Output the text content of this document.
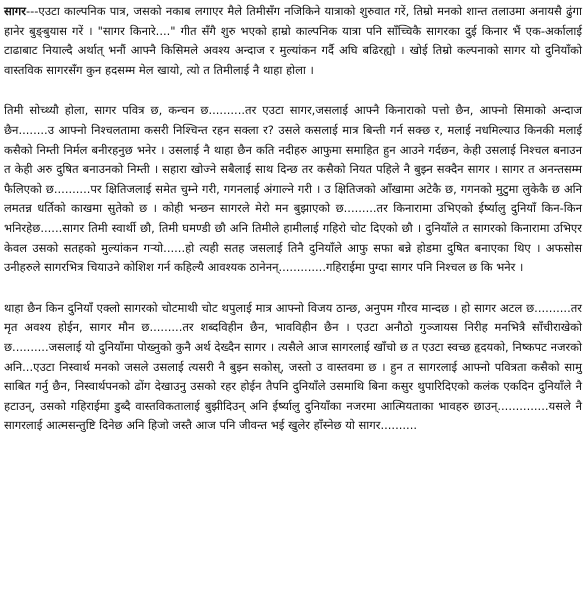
सागर---एउटा काल्पनिक पात्र, जसको नकाब लगाएर मैले तिमीसँग नजिकिने यात्राको शुरुवात गरें, तिम्रो मनको शान्त तलाउमा अनायसै ढुंगा हानेर बुङ्बुयास गरें । "सागर किनारे...." गीत सँगै शुरु भएको हाम्रो काल्पनिक यात्रा पनि साँच्चिकै सागरका दुई किनार भैं एक-अर्कालाई टाढाबाट नियाल्दै अर्थात् भनौं आफ्नै किसिमले अवश्य अन्दाज र मुल्यांकन गर्दै अघि बढिरह्यो । खोई तिम्रो कल्पनाको सागर यो दुनियाँको वास्तविक सागरसँग कुन हदसम्म मेल खायो, त्यो त तिमीलाई नै थाहा होला ।

तिमी सोच्थ्यौ होला, सागर पवित्र छ, कन्चन छ..........तर एउटा सागर,जसलाई आफ्नै किनाराको पत्तो छैन, आफ्नो सिमाको अन्दाज छैन........उ आफ्नो निश्चलतामा कसरी निश्चिन्त रहन सक्ला र? उसले कसलाई मात्र बिन्ती गर्न सक्छ र, मलाई नधमिल्याउ किनकी मलाई कसैको निम्ती निर्मल बनीरहनुछ भनेर । उसलाई नै थाहा छैन कति नदीहरु आफुमा समाहित हुन आउने गर्दछन, केही उसलाई निश्चल बनाउन त केही अरु दुषित बनाउनको निम्ती । सहारा खोज्ने सबैलाई साथ दिन्छ तर कसैको नियत पहिले नै बुझ्न सक्दैन सागर । सागर त अनन्तसम्म फैलिएको छ..........पर क्षितिजलाई समेत चुम्ने गरी, गगनलाई अंगाल्ने गरी । उ क्षितिजको आँखामा अटेकै छ, गगनको मुटुमा लुकेकै छ अनि लमतन्न धर्तिको काखमा सुतेको छ । कोही भन्छन सागरले मेरो मन बुझाएको छ.........तर किनारामा उभिएको ईर्ष्यालु दुनियाँ किन-किन भनिरहेछ......सागर तिमी स्वार्थी छौ, तिमी घमण्डी छौ अनि तिमीले हामीलाई गहिरो चोट दिएको छौ । दुनियाँले त सागरको किनारामा उभिएर केवल उसको सतहको मुल्यांकन गऱ्यो......हो त्यही सतह जसलाई तिनै दुनियाँले आफु सफा बन्ने होडमा दुषित बनाएका थिए । अफसोस उनीहरुले सागरभित्र चियाउने कोशिश गर्न कहिल्यै आवश्यक ठानेनन्.............गहिराईमा पुग्दा सागर पनि निश्चल छ कि भनेर ।

थाहा छैन किन दुनियाँ एक्लो सागरको चोटमाथी चोट थपुलाई मात्र आफ्नो विजय ठान्छ, अनुपम गौरव मान्दछ । हो सागर अटल छ..........तर मृत अवश्य होईन, सागर मौन छ.........तर शब्दविहीन छैन, भावविहीन छैन । एउटा अनौठो गुञ्जायस निरीह मनभित्रै साँचीराखेको छ..........जसलाई यो दुनियाँमा पोख्नुको कुनै अर्थ देख्दैन सागर । त्यसैले आज सागरलाई खाँचो छ त एउटा स्वच्छ हृदयको, निष्कपट नजरको अनि...एउटा निस्वार्थ मनको जसले उसलाई त्यसरी नै बुझ्न सकोस्, जस्तो उ वास्तवमा छ । हुन त सागरलाई आफ्नो पवित्रता कसैको सामु साबित गर्नु छैन, निस्वार्थपनको ढोंग देखाउनु उसको रहर होईन तैपनि दुनियाँले उसमाथि बिना कसुर थुपारिदिएको कलंक एकदिन दुनियाँले नै हटाउन्, उसको गहिराईमा डुब्दै वास्तविकतालाई बुझीदिउन् अनि ईर्ष्यालु दुनियाँका नजरमा आत्मियताका भावहरु छाउन्..............यसले नै सागरलाई आत्मसन्तुष्टि दिनेछ अनि हिजो जस्तै आज पनि जीवन्त भई खुलेर हाँस्नेछ यो सागर..........
